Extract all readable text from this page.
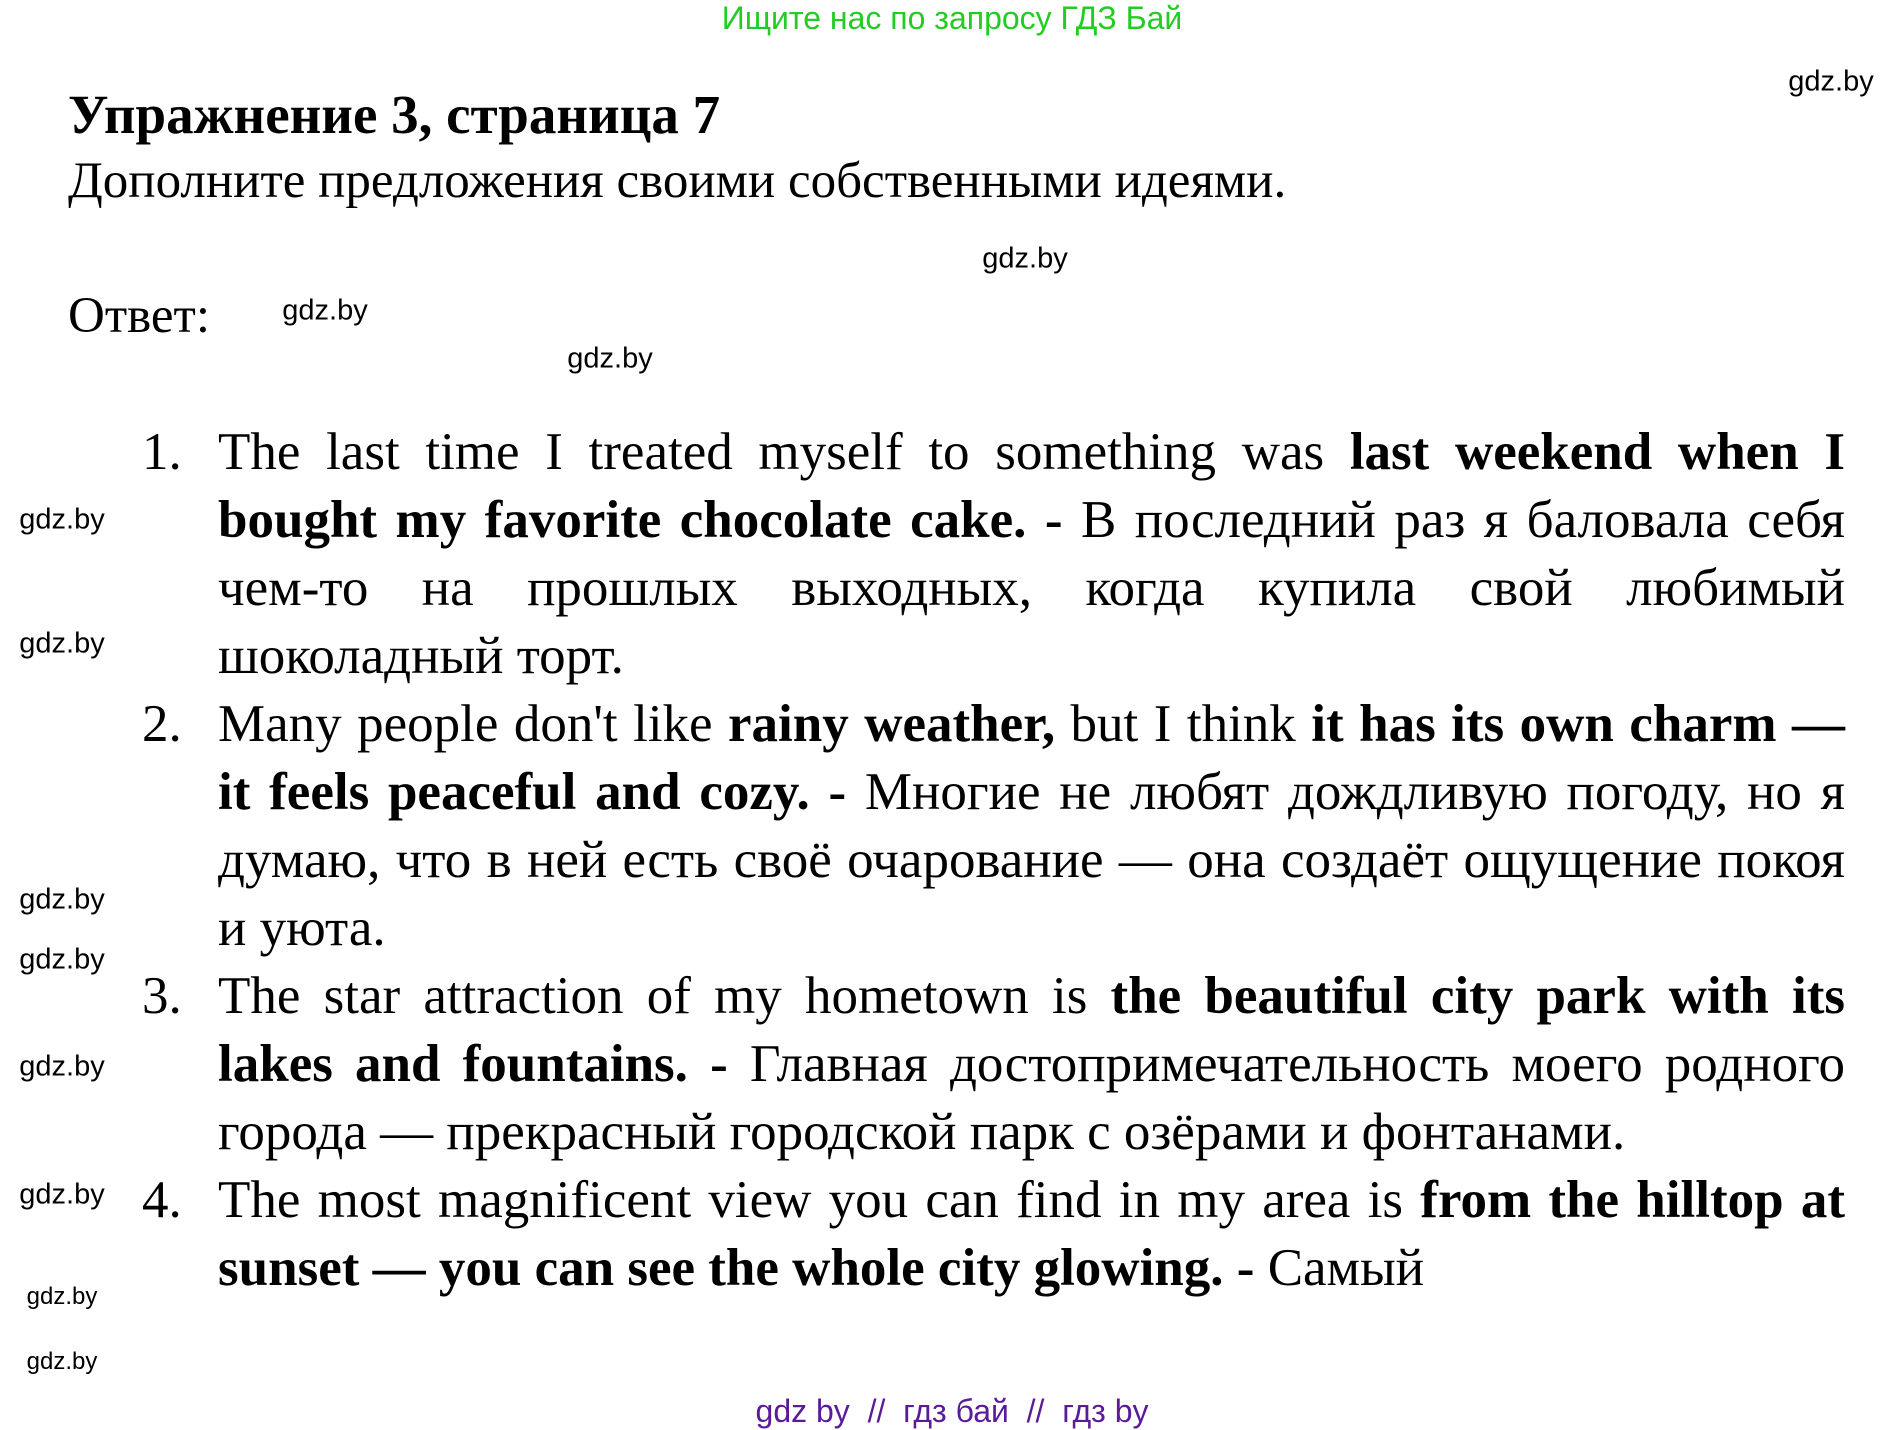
Ищите нас по запросу ГДЗ Бай
Упражнение 3, страница 7
Дополните предложения своими собственными идеями.
Ответ:
1. The last time I treated myself to something was last weekend when I bought my favorite chocolate cake. - В последний раз я баловала себя чем-то на прошлых выходных, когда купила свой любимый шоколадный торт.
2. Many people don't like rainy weather, but I think it has its own charm — it feels peaceful and cozy. - Многие не любят дождливую погоду, но я думаю, что в ней есть своё очарование — она создаёт ощущение покоя и уюта.
3. The star attraction of my hometown is the beautiful city park with its lakes and fountains. - Главная достопримечательность моего родного города — прекрасный городской парк с озёрами и фонтанами.
4. The most magnificent view you can find in my area is from the hilltop at sunset — you can see the whole city glowing. - Самый
gdz.by
gdz.by
gdz.by
gdz.by
gdz.by
gdz.by
gdz.by
gdz.by
gdz.by
gdz.by
gdz.by
gdz.by
gdz by  //  гдз бай  //  гдз by
